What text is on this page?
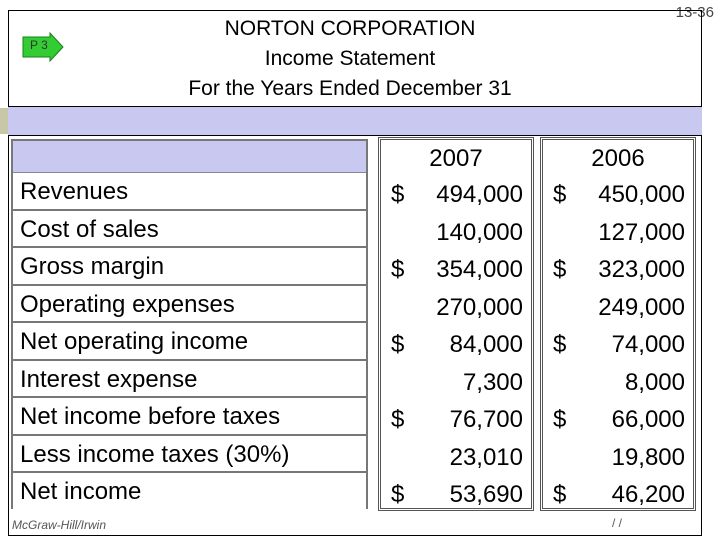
13-36
P 3
NORTON CORPORATION
Income Statement
For the Years Ended December 31
Revenues
Cost of sales
Gross margin
Operating expenses
Net operating income
Interest expense
Net income before taxes
Less income taxes (30%)
Net income
2007
$ 494,000
140,000
$ 354,000
270,000
$ 84,000
7,300
$ 76,700
23,010
$ 53,690
2006
$ 450,000
127,000
$ 323,000
249,000
$ 74,000
8,000
$ 66,000
19,800
$ 46,200
McGraw-Hill/Irwin	/ /
